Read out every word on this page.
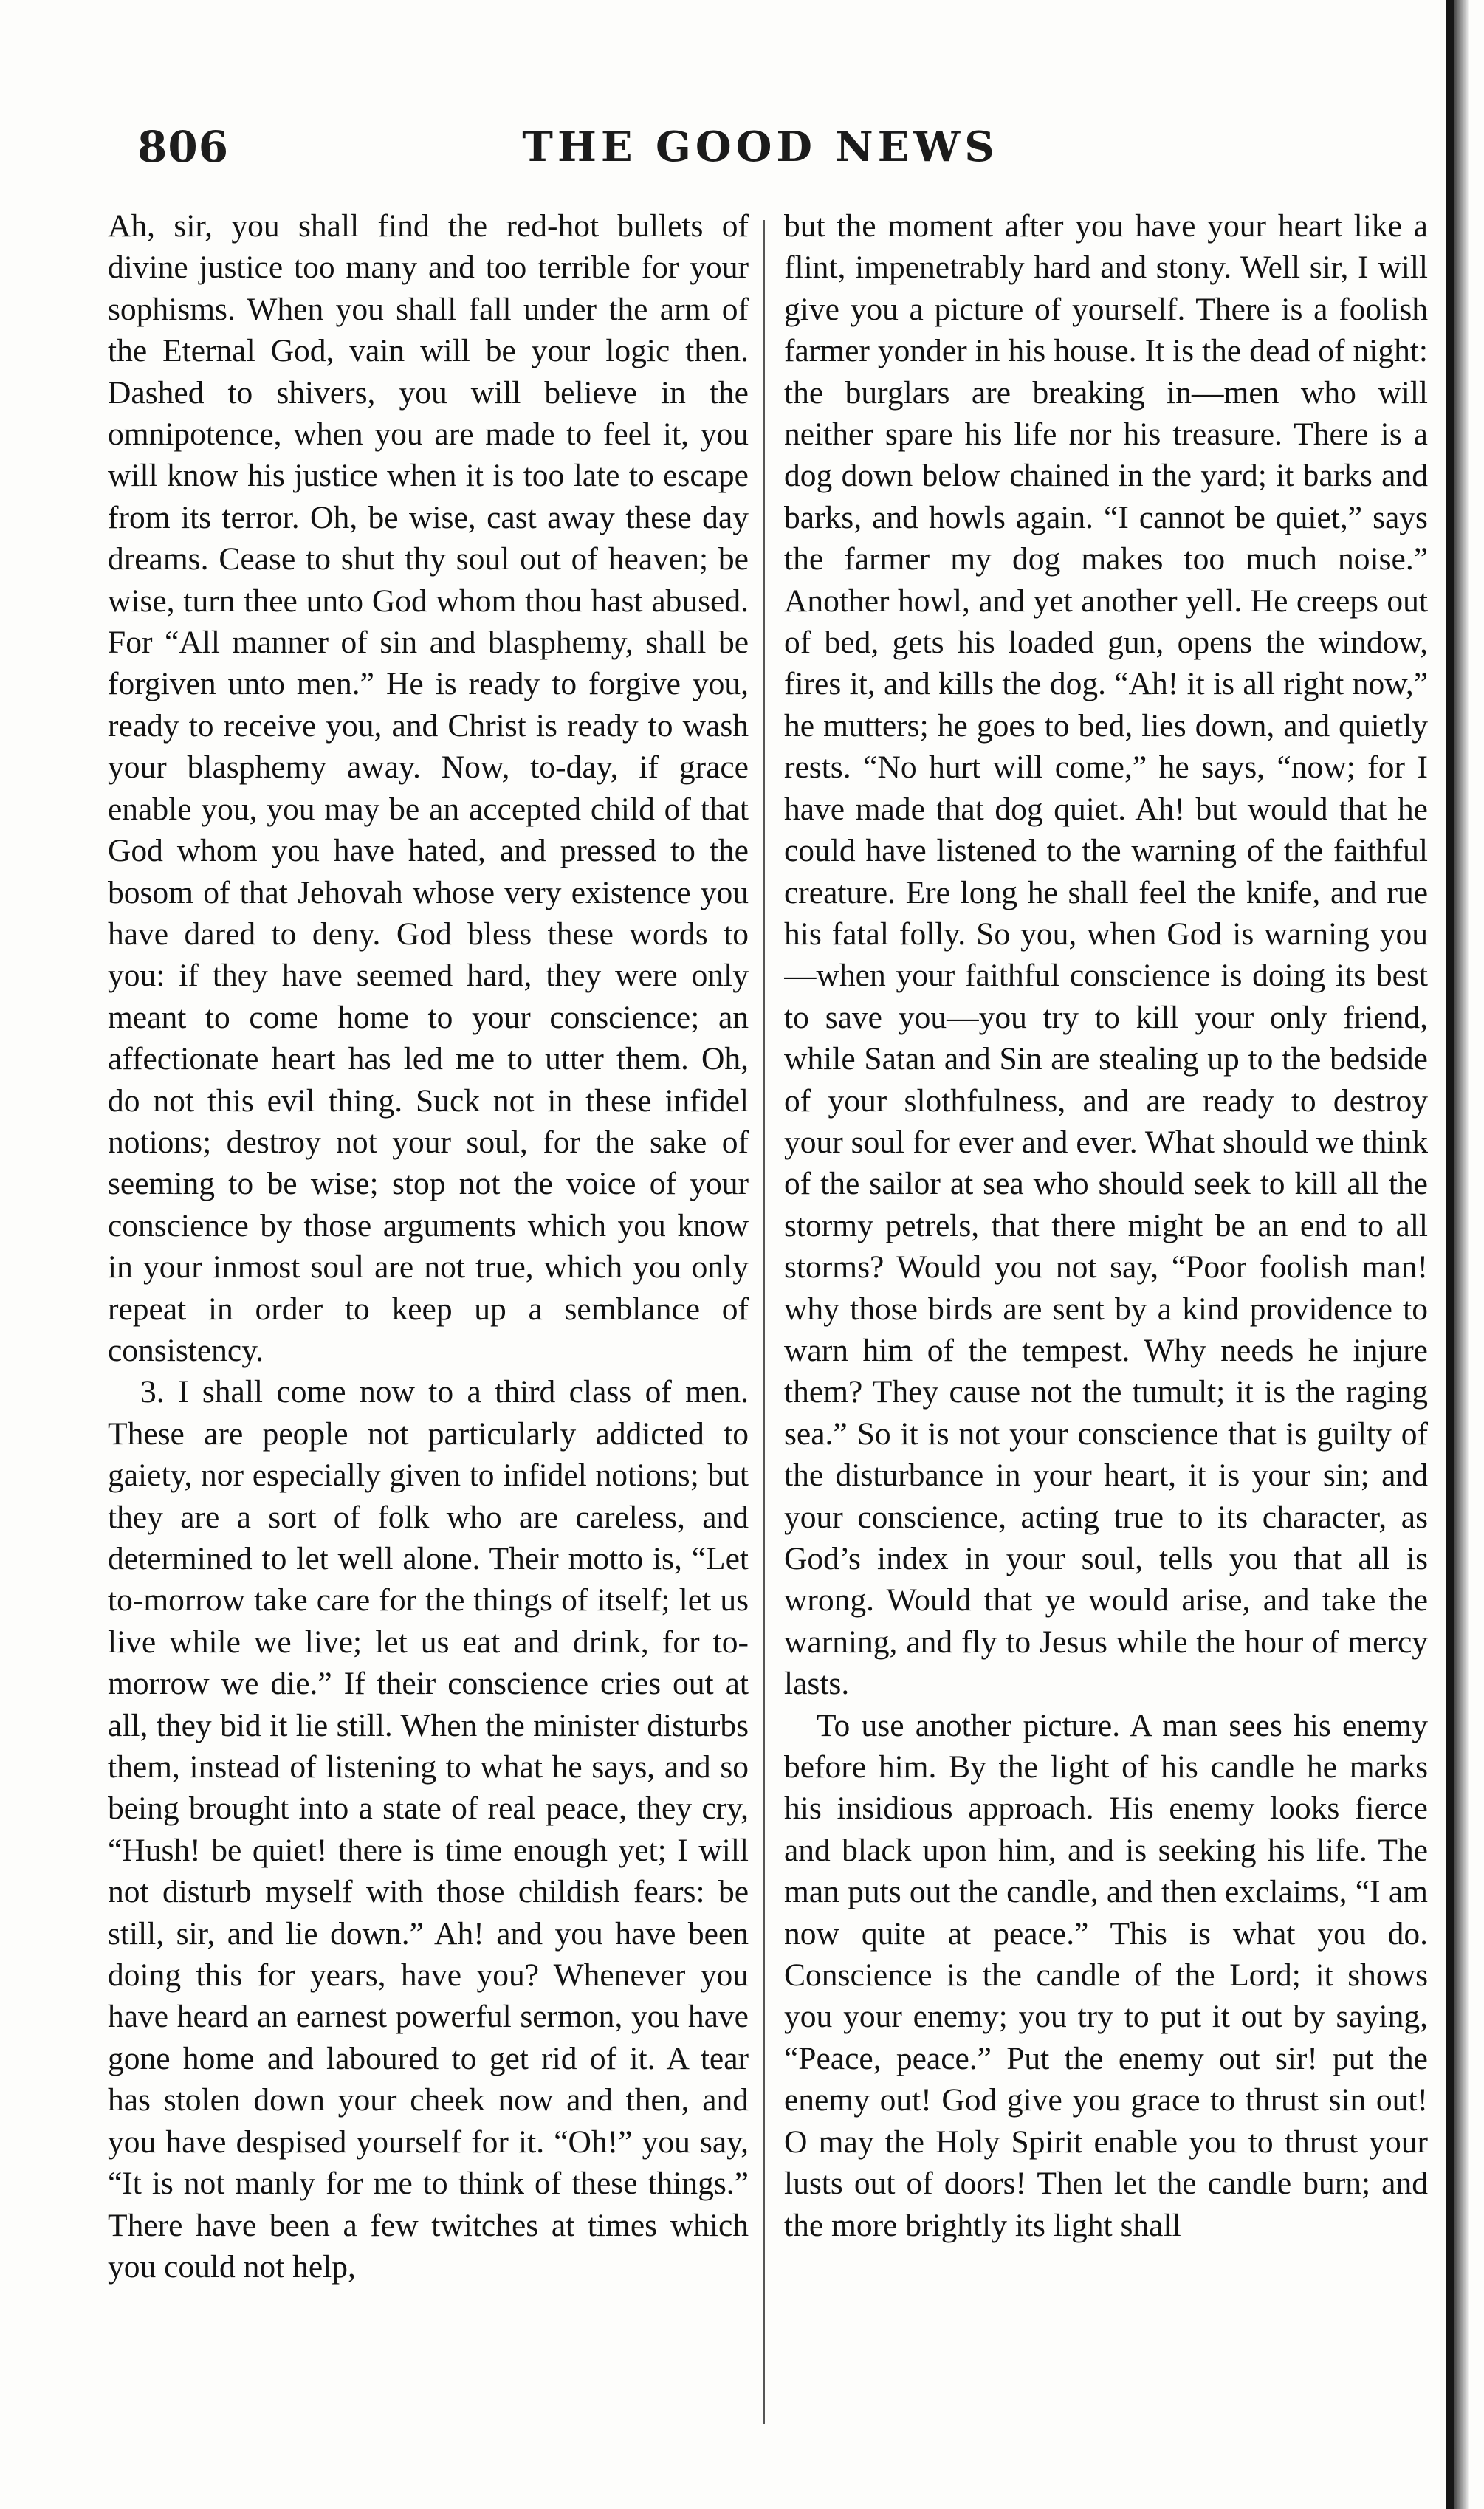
806	THE GOOD NEWS

Ah, sir, you shall find the red-hot bullets of divine justice too many and too terrible for your sophisms. When you shall fall under the arm of the Eternal God, vain will be your logic then. Dashed to shivers, you will believe in the omnipotence, when you are made to feel it, you will know his justice when it is too late to escape from its terror. Oh, be wise, cast away these day dreams. Cease to shut thy soul out of heaven; be wise, turn thee unto God whom thou hast abused. For “All manner of sin and blasphemy, shall be forgiven unto men.” He is ready to forgive you, ready to receive you, and Christ is ready to wash your blasphemy away. Now, to-day, if grace enable you, you may be an accepted child of that God whom you have hated, and pressed to the bosom of that Jehovah whose very existence you have dared to deny. God bless these words to you: if they have seemed hard, they were only meant to come home to your conscience; an affectionate heart has led me to utter them. Oh, do not this evil thing. Suck not in these infidel notions; destroy not your soul, for the sake of seeming to be wise; stop not the voice of your conscience by those arguments which you know in your inmost soul are not true, which you only repeat in order to keep up a semblance of consistency.

3. I shall come now to a third class of men. These are people not particularly addicted to gaiety, nor especially given to infidel notions; but they are a sort of folk who are careless, and determined to let well alone. Their motto is, “Let to-morrow take care for the things of itself; let us live while we live; let us eat and drink, for to-morrow we die.” If their conscience cries out at all, they bid it lie still. When the minister disturbs them, instead of listening to what he says, and so being brought into a state of real peace, they cry, “Hush! be quiet! there is time enough yet; I will not disturb myself with those childish fears: be still, sir, and lie down.” Ah! and you have been doing this for years, have you? Whenever you have heard an earnest powerful sermon, you have gone home and laboured to get rid of it. A tear has stolen down your cheek now and then, and you have despised yourself for it. “Oh!” you say, “It is not manly for me to think of these things.” There have been a few twitches at times which you could not help,

but the moment after you have your heart like a flint, impenetrably hard and stony. Well sir, I will give you a picture of yourself. There is a foolish farmer yonder in his house. It is the dead of night: the burglars are breaking in—men who will neither spare his life nor his treasure. There is a dog down below chained in the yard; it barks and barks, and howls again. “I cannot be quiet,” says the farmer my dog makes too much noise.” Another howl, and yet another yell. He creeps out of bed, gets his loaded gun, opens the window, fires it, and kills the dog. “Ah! it is all right now,” he mutters; he goes to bed, lies down, and quietly rests. “No hurt will come,” he says, “now; for I have made that dog quiet. Ah! but would that he could have listened to the warning of the faithful creature. Ere long he shall feel the knife, and rue his fatal folly. So you, when God is warning you—when your faithful conscience is doing its best to save you—you try to kill your only friend, while Satan and Sin are stealing up to the bedside of your slothfulness, and are ready to destroy your soul for ever and ever. What should we think of the sailor at sea who should seek to kill all the stormy petrels, that there might be an end to all storms? Would you not say, “Poor foolish man! why those birds are sent by a kind providence to warn him of the tempest. Why needs he injure them? They cause not the tumult; it is the raging sea.” So it is not your conscience that is guilty of the disturbance in your heart, it is your sin; and your conscience, acting true to its character, as God’s index in your soul, tells you that all is wrong. Would that ye would arise, and take the warning, and fly to Jesus while the hour of mercy lasts.

To use another picture. A man sees his enemy before him. By the light of his candle he marks his insidious approach. His enemy looks fierce and black upon him, and is seeking his life. The man puts out the candle, and then exclaims, “I am now quite at peace.” This is what you do. Conscience is the candle of the Lord; it shows you your enemy; you try to put it out by saying, “Peace, peace.” Put the enemy out sir! put the enemy out! God give you grace to thrust sin out! O may the Holy Spirit enable you to thrust your lusts out of doors! Then let the candle burn; and the more brightly its light shall
